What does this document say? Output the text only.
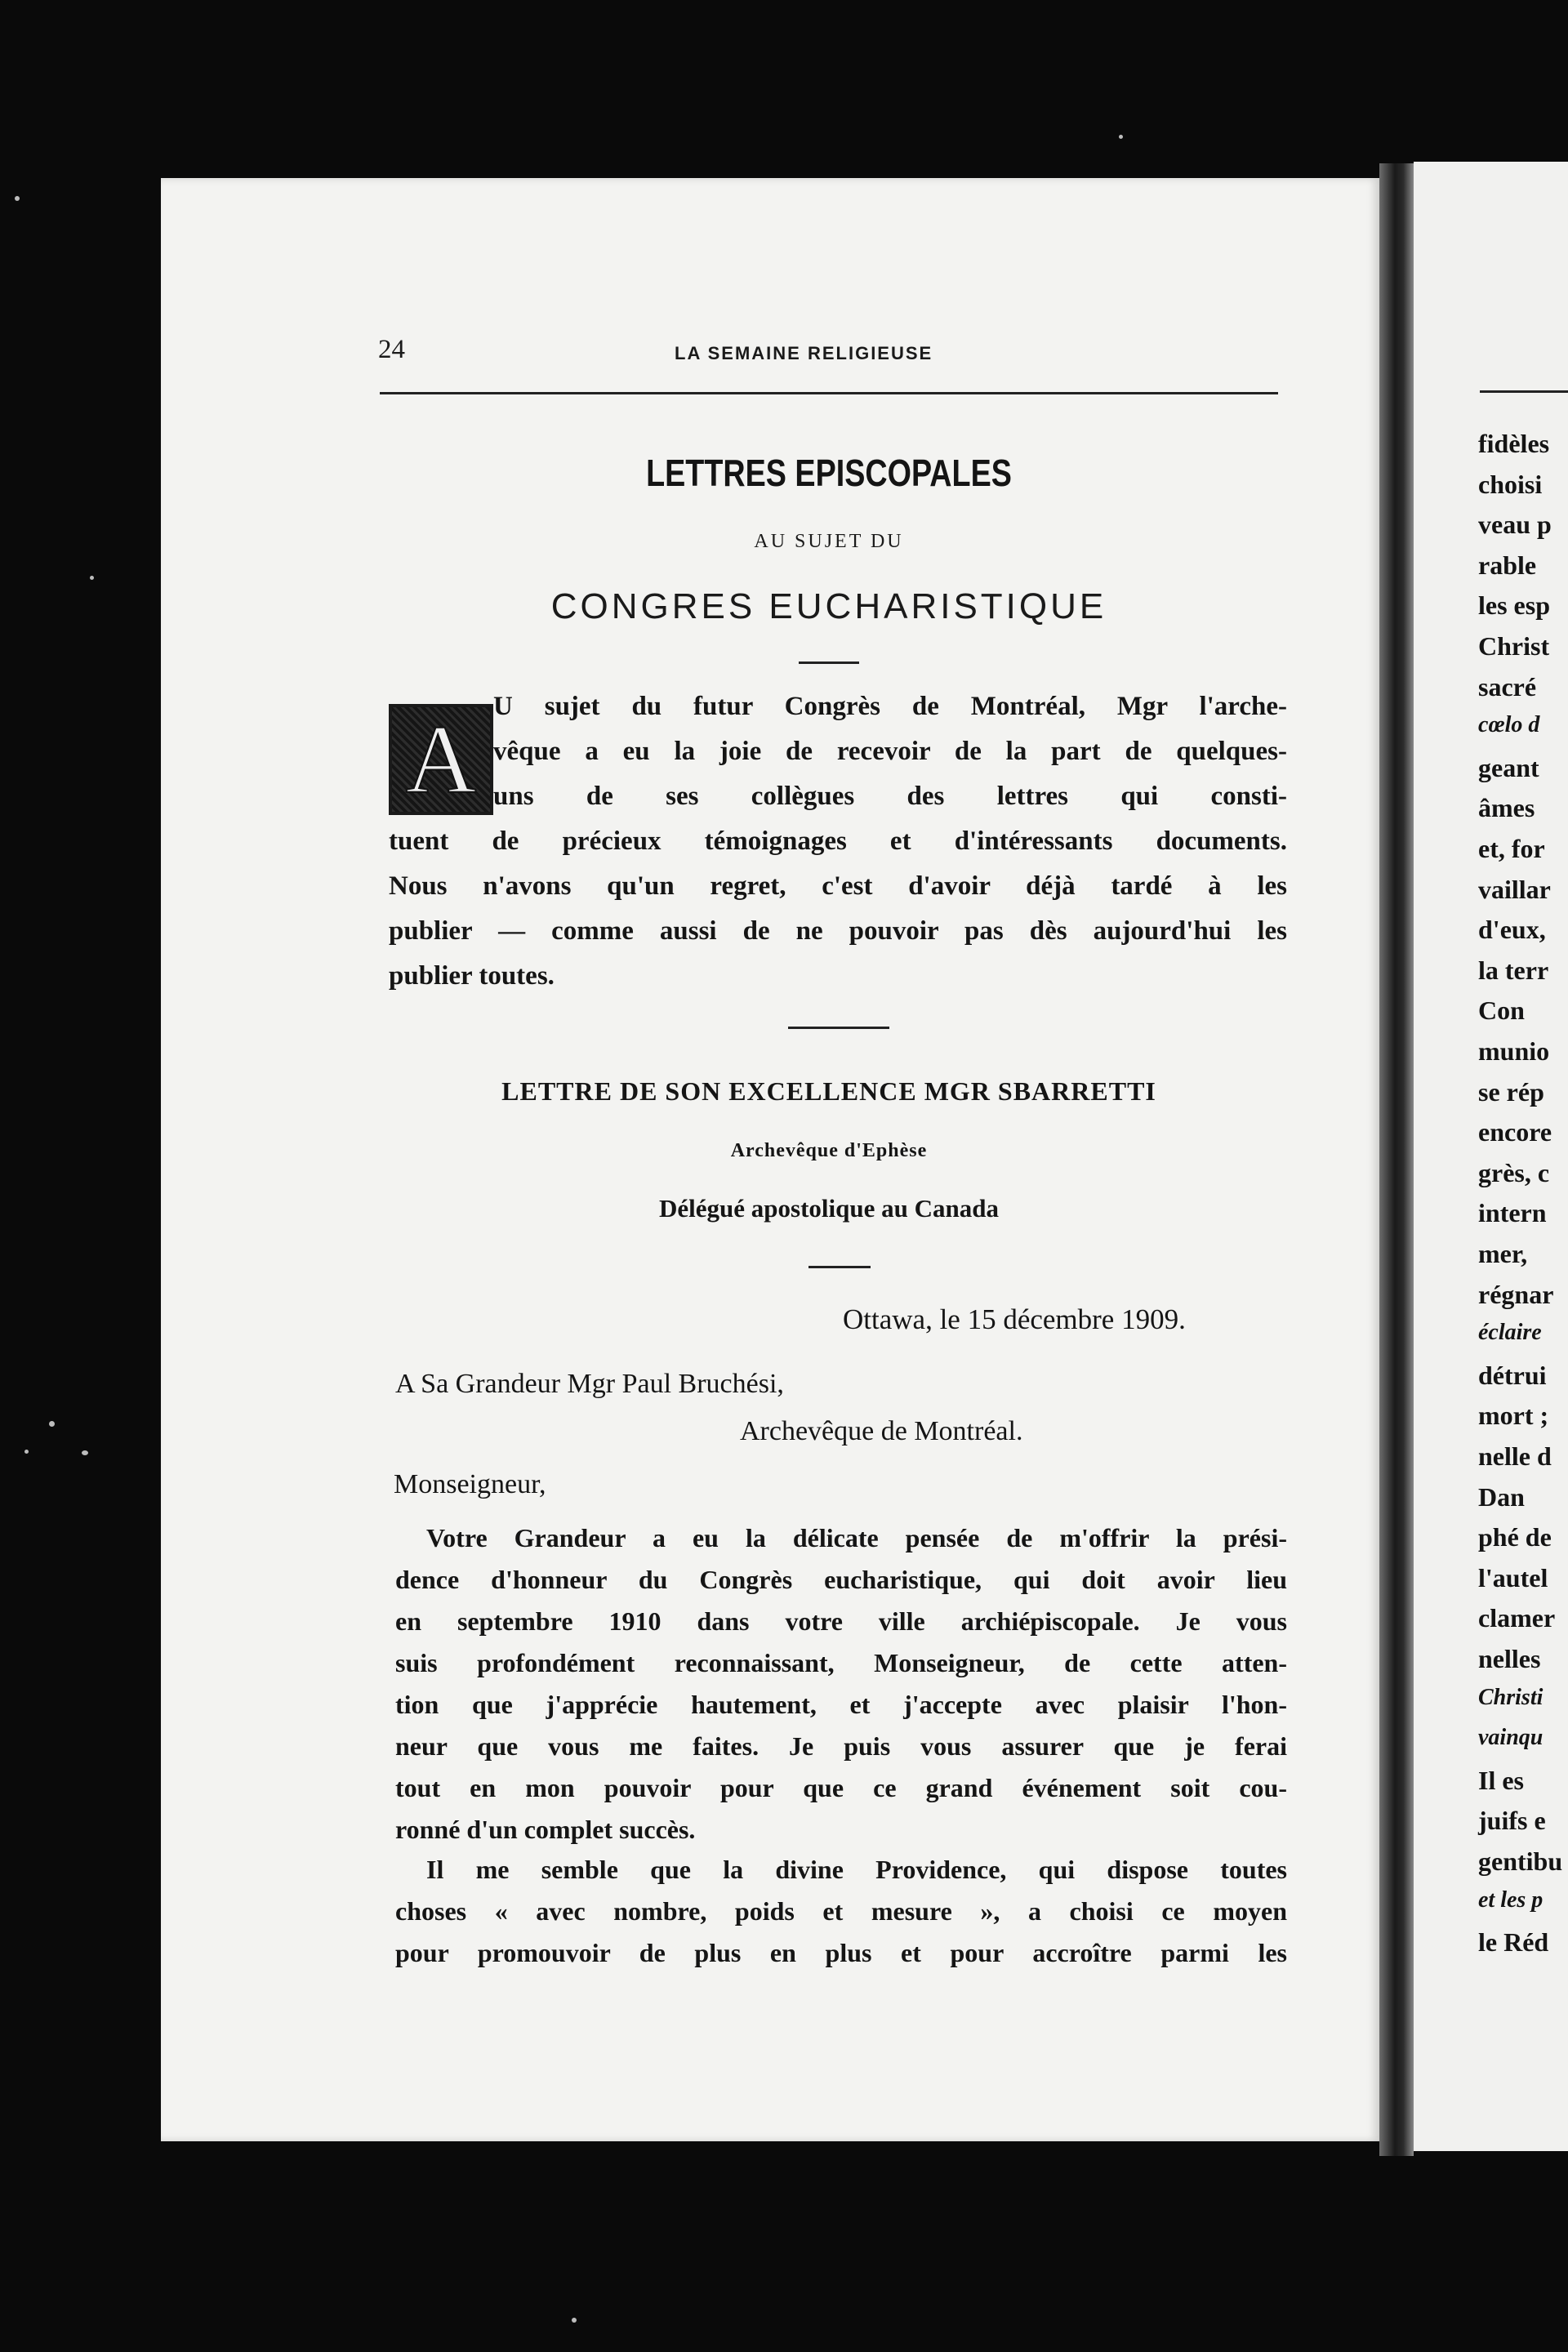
24	LA SEMAINE RELIGIEUSE
LETTRES EPISCOPALES
AU SUJET DU
CONGRES EUCHARISTIQUE
A U sujet du futur Congrès de Montréal, Mgr l'arche-
vêque a eu la joie de recevoir de la part de quelques-
uns de ses collègues des lettres qui consti-
tuent de précieux témoignages et d'intéressants documents.
Nous n'avons qu'un regret, c'est d'avoir déjà tardé à les
publier — comme aussi de ne pouvoir pas dès aujourd'hui les
publier toutes.
LETTRE DE SON EXCELLENCE MGR SBARRETTI
Archevêque d'Ephèse
Délégué apostolique au Canada
Ottawa, le 15 décembre 1909.
A Sa Grandeur Mgr Paul Bruchési,
Archevêque de Montréal.
Monseigneur,
Votre Grandeur a eu la délicate pensée de m'offrir la prési-
dence d'honneur du Congrès eucharistique, qui doit avoir lieu
en septembre 1910 dans votre ville archiépiscopale. Je vous
suis profondément reconnaissant, Monseigneur, de cette atten-
tion que j'apprécie hautement, et j'accepte avec plaisir l'hon-
neur que vous me faites. Je puis vous assurer que je ferai
tout en mon pouvoir pour que ce grand événement soit cou-
ronné d'un complet succès.
Il me semble que la divine Providence, qui dispose toutes
choses « avec nombre, poids et mesure », a choisi ce moyen
pour promouvoir de plus en plus et pour accroître parmi les
fidèles
choisi
veau p
rable
les esp
Christ
sacré
cœlo d
geant
âmes
et, for
vaillar
d'eux,
la terr
Con
munio
se rép
encore
grès, c
intern
mer,
régnar
éclaire
détrui
mort ;
nelle d
Dan
phé de
l'autel
clamer
nelles
Christi
vainqu
Il es
juifs e
gentibu
et les p
le Réd
